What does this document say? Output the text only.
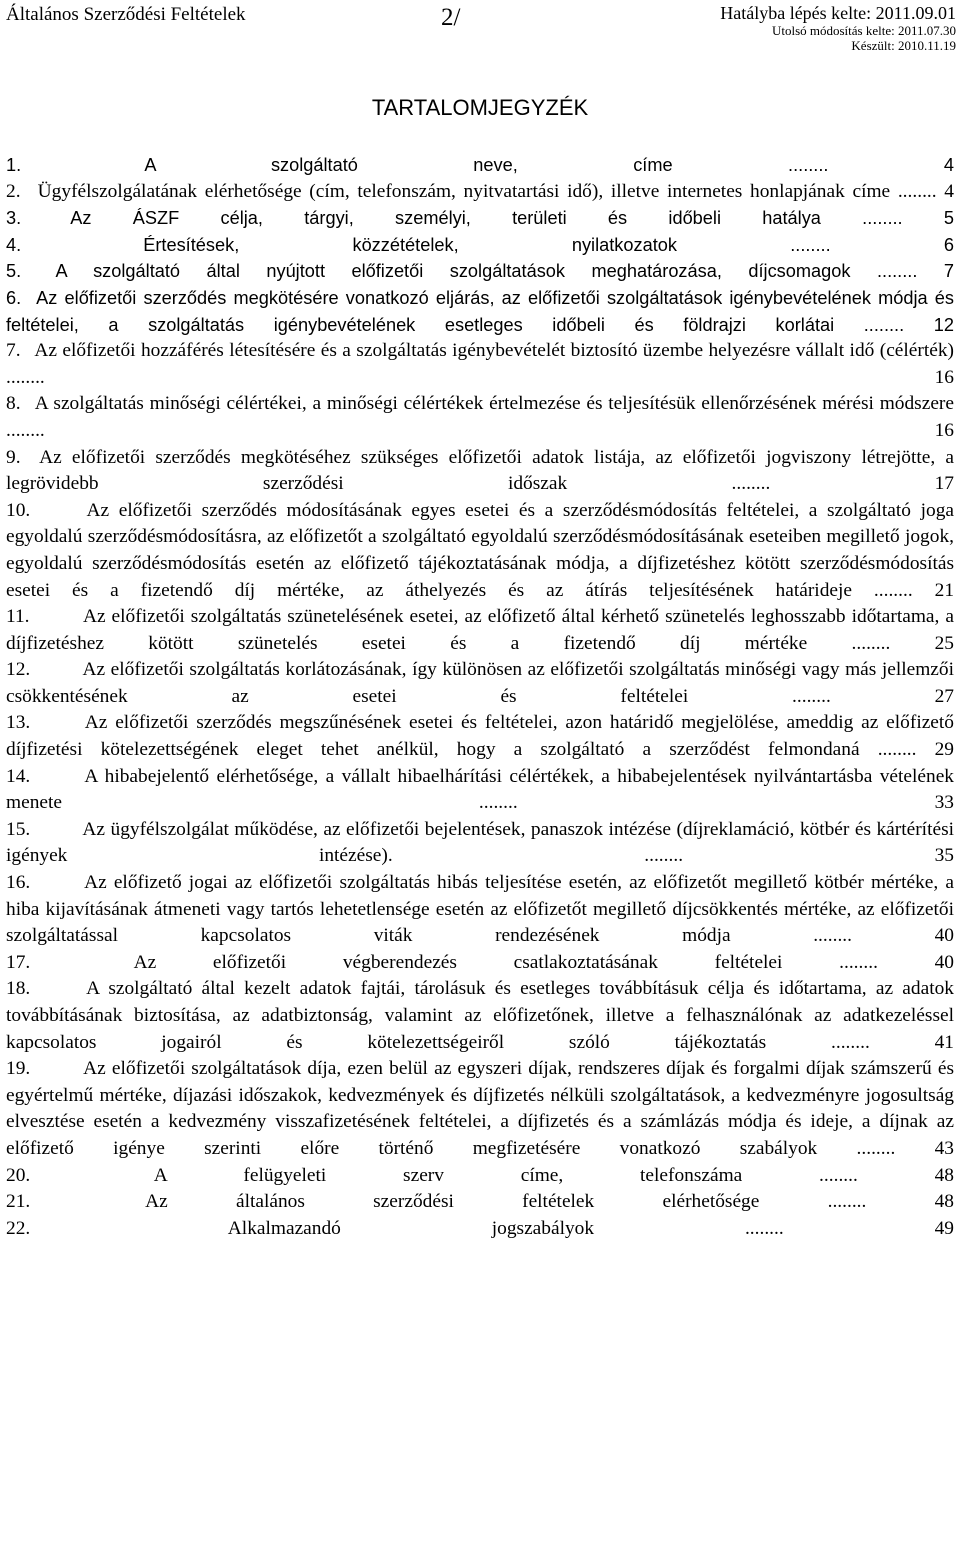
Általános Szerződési Feltételek	2/	Hatályba lépés kelte: 2011.09.01
Utolsó módosítás kelte: 2011.07.30
Készült: 2010.11.19
TARTALOMJEGYZÉK
1. A szolgáltató neve, címe ........ 4
2. Ügyfélszolgálatának elérhetősége (cím, telefonszám, nyitvatartási idő), illetve internetes honlapjának címe ........ 4
3. Az ÁSZF célja, tárgyi, személyi, területi és időbeli hatálya ........ 5
4. Értesítések, közzétételek, nyilatkozatok ........ 6
5. A szolgáltató által nyújtott előfizetői szolgáltatások meghatározása, díjcsomagok ........ 7
6. Az előfizetői szerződés megkötésére vonatkozó eljárás, az előfizetői szolgáltatások igénybevételének módja és feltételei, a szolgáltatás igénybevételének esetleges időbeli és földrajzi korlátai ........ 12
7. Az előfizetői hozzáférés létesítésére és a szolgáltatás igénybevételét biztosító üzembe helyezésre vállalt idő (célérték) ........ 16
8. A szolgáltatás minőségi célértékei, a minőségi célértékek értelmezése és teljesítésük ellenőrzésének mérési módszere ........ 16
9. Az előfizetői szerződés megkötéséhez szükséges előfizetői adatok listája, az előfizetői jogviszony létrejötte, a legrövidebb szerződési időszak ........ 17
10. Az előfizetői szerződés módosításának egyes esetei és a szerződésmódosítás feltételei, a szolgáltató joga egyoldalú szerződésmódosításra, az előfizetőt a szolgáltató egyoldalú szerződésmódosításának eseteiben megillető jogok, egyoldalú szerződésmódosítás esetén az előfizető tájékoztatásának módja, a díjfizetéshez kötött szerződésmódosítás esetei és a fizetendő díj mértéke, az áthelyezés és az átírás teljesítésének határideje ........ 21
11. Az előfizetői szolgáltatás szünetelésének esetei, az előfizető által kérhető szünetelés leghosszabb időtartama, a díjfizetéshez kötött szünetelés esetei és a fizetendő díj mértéke ........ 25
12. Az előfizetői szolgáltatás korlátozásának, így különösen az előfizetői szolgáltatás minőségi vagy más jellemzői csökkentésének az esetei és feltételei ........ 27
13. Az előfizetői szerződés megszűnésének esetei és feltételei, azon határidő megjelölése, ameddig az előfizető díjfizetési kötelezettségének eleget tehet anélkül, hogy a szolgáltató a szerződést felmondaná ........ 29
14. A hibabejelentő elérhetősége, a vállalt hibaelhárítási célértékek, a hibabejelentések nyilvántartásba vételének menete ........ 33
15. Az ügyfélszolgálat működése, az előfizetői bejelentések, panaszok intézése (díjreklamáció, kötbér és kártérítési igények intézése). ........ 35
16. Az előfizető jogai az előfizetői szolgáltatás hibás teljesítése esetén, az előfizetőt megillető kötbér mértéke, a hiba kijavításának átmeneti vagy tartós lehetetlensége esetén az előfizetőt megillető díjcsökkentés mértéke, az előfizetői szolgáltatással kapcsolatos viták rendezésének módja ........ 40
17. Az előfizetői végberendezés csatlakoztatásának feltételei ........ 40
18. A szolgáltató által kezelt adatok fajtái, tárolásuk és esetleges továbbításuk célja és időtartama, az adatok továbbításának biztosítása, az adatbiztonság, valamint az előfizetőnek, illetve a felhasználónak az adatkezeléssel kapcsolatos jogairól és kötelezettségeiről szóló tájékoztatás ........ 41
19. Az előfizetői szolgáltatások díja, ezen belül az egyszeri díjak, rendszeres díjak és forgalmi díjak számszerű és egyértelmű mértéke, díjazási időszakok, kedvezmények és díjfizetés nélküli szolgáltatások, a kedvezményre jogosultság elvesztése esetén a kedvezmény visszafizetésének feltételei, a díjfizetés és a számlázás módja és ideje, a díjnak az előfizető igénye szerinti előre történő megfizetésére vonatkozó szabályok ........ 43
20. A felügyeleti szerv címe, telefonszáma ........ 48
21. Az általános szerződési feltételek elérhetősége ........ 48
22. Alkalmazandó jogszabályok ........ 49
